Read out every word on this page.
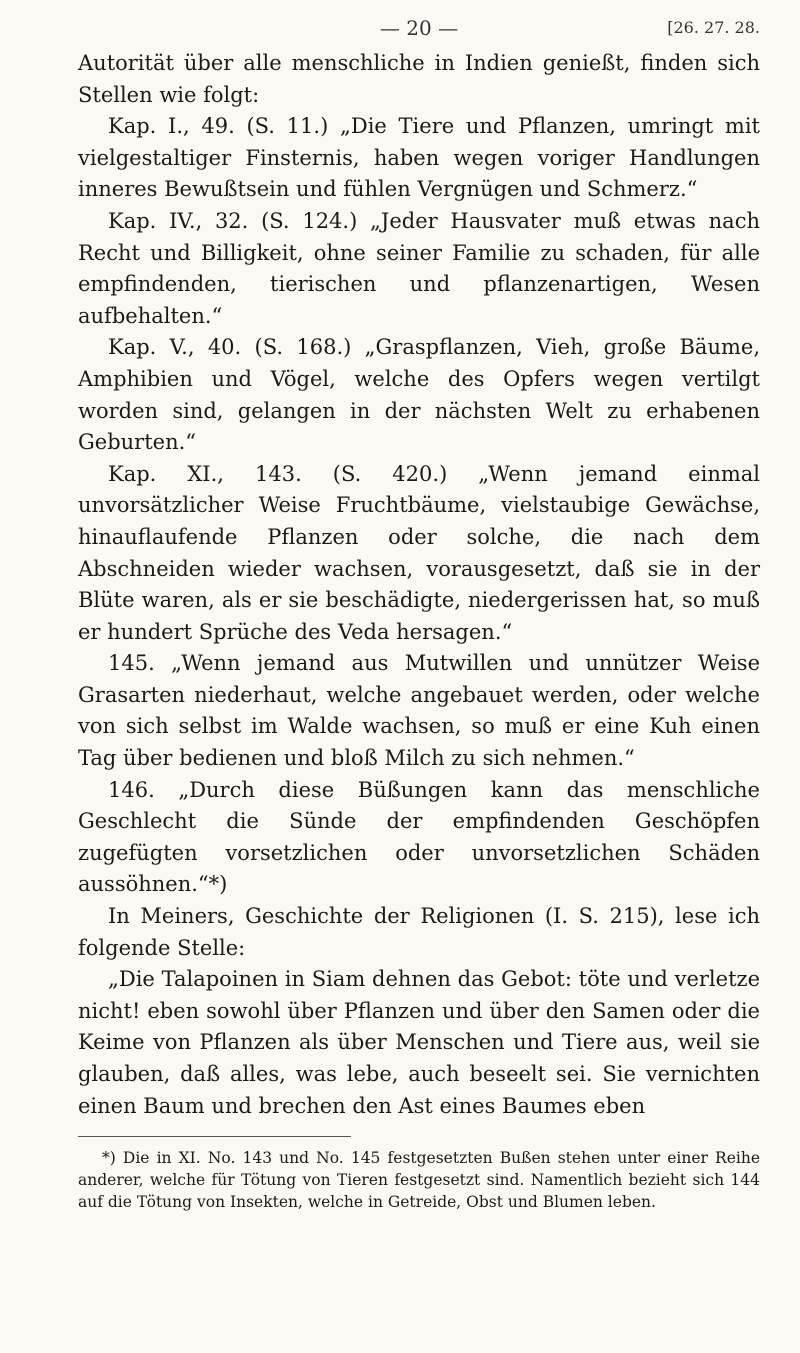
— 20 —	[26. 27. 28.

Autorität über alle menschliche in Indien genießt, finden sich Stellen wie folgt:

Kap. I., 49. (S. 11.) „Die Tiere und Pflanzen, umringt mit vielgestaltiger Finsternis, haben wegen voriger Handlungen inneres Bewußtsein und fühlen Vergnügen und Schmerz.“

Kap. IV., 32. (S. 124.) „Jeder Hausvater muß etwas nach Recht und Billigkeit, ohne seiner Familie zu schaden, für alle empfindenden, tierischen und pflanzenartigen, Wesen aufbehalten.“

Kap. V., 40. (S. 168.) „Graspflanzen, Vieh, große Bäume, Amphibien und Vögel, welche des Opfers wegen vertilgt worden sind, gelangen in der nächsten Welt zu erhabenen Geburten.“

Kap. XI., 143. (S. 420.) „Wenn jemand einmal unvorsätzlicher Weise Fruchtbäume, vielstaubige Gewächse, hinauflaufende Pflanzen oder solche, die nach dem Abschneiden wieder wachsen, vorausgesetzt, daß sie in der Blüte waren, als er sie beschädigte, niedergerissen hat, so muß er hundert Sprüche des Veda hersagen.“

145. „Wenn jemand aus Mutwillen und unnützer Weise Grasarten niederhaut, welche angebauet werden, oder welche von sich selbst im Walde wachsen, so muß er eine Kuh einen Tag über bedienen und bloß Milch zu sich nehmen.“

146. „Durch diese Büßungen kann das menschliche Geschlecht die Sünde der empfindenden Geschöpfen zugefügten vorsetzlichen oder unvorsetzlichen Schäden aussöhnen.“*)

In Meiners, Geschichte der Religionen (I. S. 215), lese ich folgende Stelle:

„Die Talapoinen in Siam dehnen das Gebot: töte und verletze nicht! eben sowohl über Pflanzen und über den Samen oder die Keime von Pflanzen als über Menschen und Tiere aus, weil sie glauben, daß alles, was lebe, auch beseelt sei. Sie vernichten einen Baum und brechen den Ast eines Baumes eben

*) Die in XI. No. 143 und No. 145 festgesetzten Bußen stehen unter einer Reihe anderer, welche für Tötung von Tieren festgesetzt sind. Namentlich bezieht sich 144 auf die Tötung von Insekten, welche in Getreide, Obst und Blumen leben.
